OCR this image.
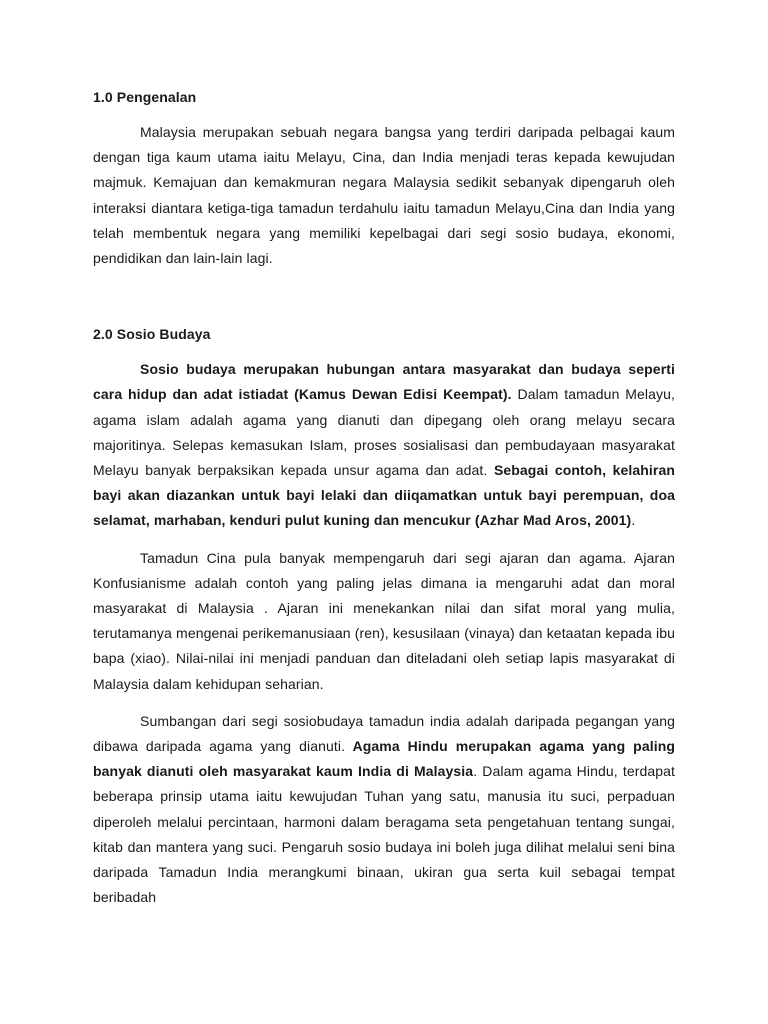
1.0 Pengenalan

Malaysia merupakan sebuah negara bangsa yang terdiri daripada pelbagai kaum dengan tiga kaum utama iaitu Melayu, Cina, dan India menjadi teras kepada kewujudan majmuk. Kemajuan dan kemakmuran negara Malaysia sedikit sebanyak dipengaruh oleh interaksi diantara ketiga-tiga tamadun terdahulu iaitu tamadun Melayu,Cina dan India yang telah membentuk negara yang memiliki kepelbagai dari segi sosio budaya, ekonomi, pendidikan dan lain-lain lagi.

2.0 Sosio Budaya

Sosio budaya merupakan hubungan antara masyarakat dan budaya seperti cara hidup dan adat istiadat (Kamus Dewan Edisi Keempat). Dalam tamadun Melayu, agama islam adalah agama yang dianuti dan dipegang oleh orang melayu secara majoritinya. Selepas kemasukan Islam, proses sosialisasi dan pembudayaan masyarakat Melayu banyak berpaksikan kepada unsur agama dan adat. Sebagai contoh, kelahiran bayi akan diazankan untuk bayi lelaki dan diiqamatkan untuk bayi perempuan, doa selamat, marhaban, kenduri pulut kuning dan mencukur (Azhar Mad Aros, 2001).

Tamadun Cina pula banyak mempengaruh dari segi ajaran dan agama. Ajaran Konfusianisme adalah contoh yang paling jelas dimana ia mengaruhi adat dan moral masyarakat di Malaysia . Ajaran ini menekankan nilai dan sifat moral yang mulia, terutamanya mengenai perikemanusiaan (ren), kesusilaan (vinaya) dan ketaatan kepada ibu bapa (xiao). Nilai-nilai ini menjadi panduan dan diteladani oleh setiap lapis masyarakat di Malaysia dalam kehidupan seharian.

Sumbangan dari segi sosiobudaya tamadun india adalah daripada pegangan yang dibawa daripada agama yang dianuti. Agama Hindu merupakan agama yang paling banyak dianuti oleh masyarakat kaum India di Malaysia. Dalam agama Hindu, terdapat beberapa prinsip utama iaitu kewujudan Tuhan yang satu, manusia itu suci, perpaduan diperoleh melalui percintaan, harmoni dalam beragama seta pengetahuan tentang sungai, kitab dan mantera yang suci. Pengaruh sosio budaya ini boleh juga dilihat melalui seni bina daripada Tamadun India merangkumi binaan, ukiran gua serta kuil sebagai tempat beribadah
